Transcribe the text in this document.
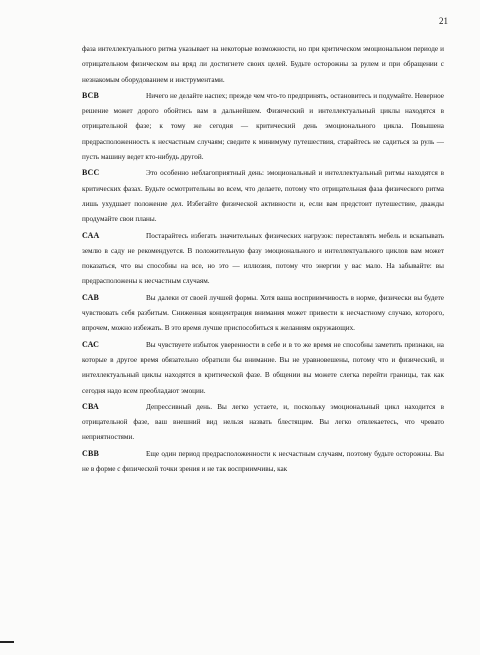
21

фаза интеллектуального ритма указывает на некоторые возможности, но при критическом эмоциональном периоде и отрицательном физическом вы вряд ли достигнете своих целей. Будьте осторожны за рулем и при обращении с незнакомым оборудованием и инструментами.

ВСВ	Ничего не делайте наспех; прежде чем что-то предпринять, остановитесь и подумайте. Неверное решение может дорого обойтись вам в дальнейшем. Физический и интеллектуальный циклы находятся в отрицательной фазе; к тому же сегодня — критический день эмоционального цикла. Повышена предрасположенность к несчастным случаям; сведите к минимуму путешествия, старайтесь не садиться за руль — пусть машину ведет кто-нибудь другой.

ВСС	Это особенно неблагоприятный день: эмоциональный и интеллектуальный ритмы находятся в критических фазах. Будьте осмотрительны во всем, что делаете, потому что отрицательная фаза физического ритма лишь ухудшает положение дел. Избегайте физической активности и, если вам предстоит путешествие, дважды продумайте свои планы.

САА	Постарайтесь избегать значительных физических нагрузок: переставлять мебель и вскапывать землю в саду не рекомендуется. В положительную фазу эмоционального и интеллектуального циклов вам может показаться, что вы способны на все, но это — иллюзия, потому что энергии у вас мало. На забывайте: вы предрасположены к несчастным случаям.

САВ	Вы далеки от своей лучшей формы. Хотя ваша восприимчивость в норме, физически вы будете чувствовать себя разбитым. Сниженная концентрация внимания может привести к несчастному случаю, которого, впрочем, можно избежать. В это время лучше приспособиться к желаниям окружающих.

САС	Вы чувствуете избыток уверенности в себе и в то же время не способны заметить признаки, на которые в другое время обязательно обратили бы внимание. Вы не уравновешены, потому что и физический, и интеллектуальный циклы находятся в критической фазе. В общении вы можете слегка перейти границы, так как сегодня надо всем преобладают эмоции.

СВА	Депрессивный день. Вы легко устаете, и, поскольку эмоциональный цикл находится в отрицательной фазе, ваш внешний вид нельзя назвать блестящим. Вы легко отвлекаетесь, что чревато неприятностями.

СВВ	Еще один период предрасположенности к несчастным случаям, поэтому будьте осторожны. Вы не в форме с физической точки зрения и не так восприимчивы, как
